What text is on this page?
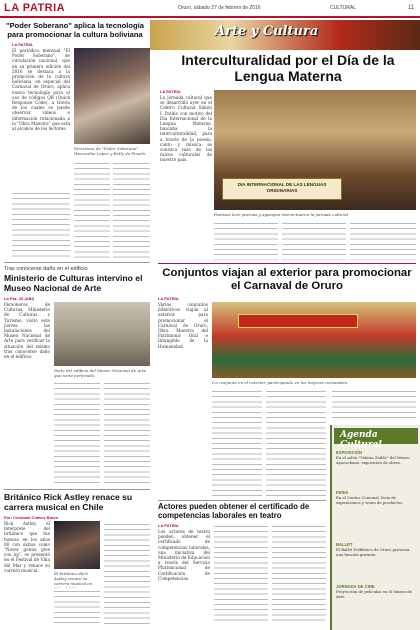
LA PATRIA	Oruro, sábado 27 de febrero de 2016	CULTURAL	11
Arte y Cultura
"Poder Soberano" aplica la tecnología para promocionar la cultura boliviana
LA PATRIA
El periódico mensual "El Poder Soberano", de circulación nacional, que en su primera edición del 2016 se destaca a la promoción de la cultura boliviana, en especial del Carnaval de Oruro, aplica nueva tecnología para el uso de códigos QR (Quick Response Code), a través de los cuales se puede observar videos e información relacionada a la "Obra Maestra" que está al alcance de los lectores.
Directivos de "Poder Soberano", Wenceslao López y Rolly de Pinedo.
Interculturalidad por el Día de la Lengua Materna
LA PATRIA
La jornada cultural que se desarrolló ayer en el Centro Cultural Simón I. Patiño con motivo del Día Internacional de la Lengua Materna, buscaba la interculturalidad, para a través de la poesía, canto y música se conozca más de las raíces culturales de nuestro país.
DIA INTERNACIONAL DE LAS LENGUAS ORIGINARIAS
Poetisas leen poemas y agasajan interactuaron la jornada cultural
Tras conocerse daño en el edificio
Ministerio de Culturas intervino el Museo Nacional de Arte
La Paz, 26 (ABI)
Personeros de Culturas, Ministerio de Culturas y Turismo, visitó este jueves las instalaciones del Museo Nacional de Arte para verificar la situación del mismo tras conocerse daño en el edificio.
Parte del edificio del Museo Nacional de Arte que sería perforado.
Británico Rick Astley renace su carrera musical en Chile
Por: Cristóbal Chávez Bravo
Rick Astley, el intérprete del británico que fue famoso en los años 80 con éxitos como "Never gonna give you up", se presentó en el Festival de Viña del Mar y renace su carrera musical.
El británico Rick Astley renace su carrera musical en
Conjuntos viajan al exterior para promocionar el Carnaval de Oruro
LA PATRIA
Varios conjuntos folklóricos viajan al exterior para promocionar el Carnaval de Oruro, Obra Maestra del Patrimonio Oral e Intangible de la Humanidad.
Un conjunto en el exterior, participando en los mejores carnavales.
Actores pueden obtener el certificado de competencias laborales en teatro
LA PATRIA
Los actores de teatro pueden obtener el certificado de competencias laborales, una iniciativa del Ministerio de Educación a través del Servicio Plurinacional de Certificación de Competencias.
Agenda Cultural
EXPOSICIÓN
En el salón "Valeria Zaible" del Museo Ayacuchano, exposición de obras.
FERIA
En el Centro Comunal, feria de exposiciones y venta de productos.
BALLET
El Ballet Folklórico de Oruro presenta una función gratuita.
JORNADA DE CINE
Proyección de películas en el Museo de Arte.
